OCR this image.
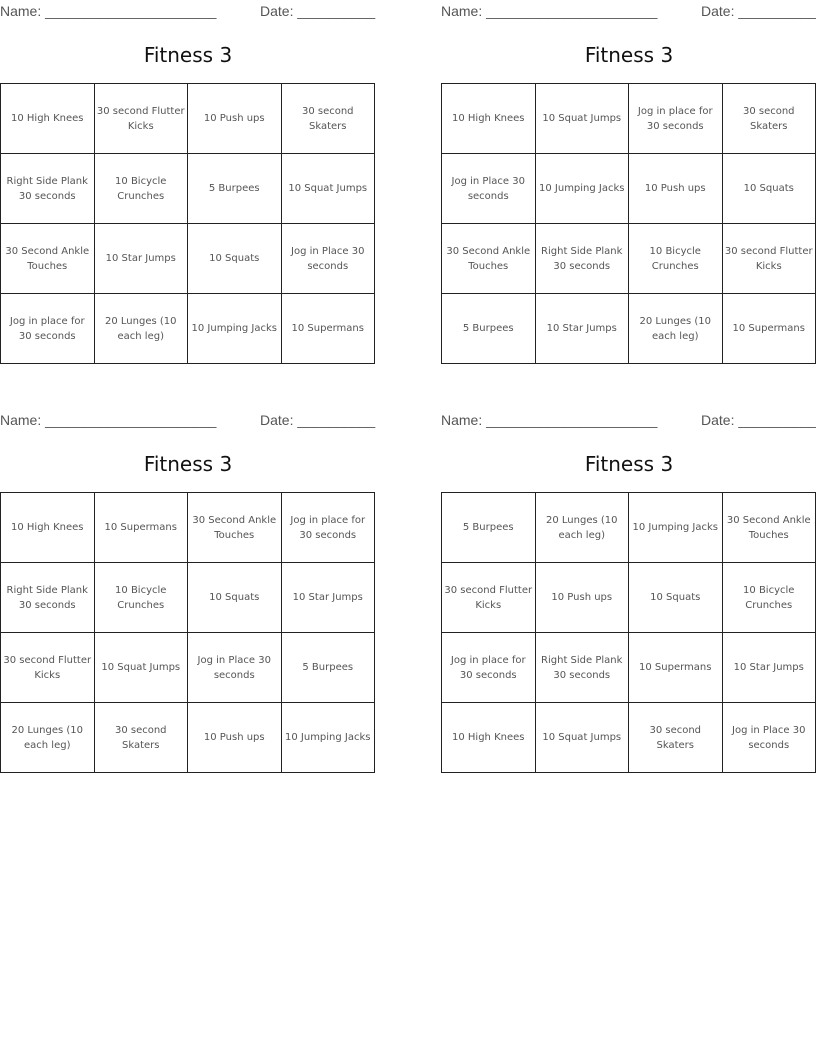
Name: ______________________	Date: __________
Fitness 3
10 High Knees	30 second Flutter Kicks	10 Push ups	30 second Skaters
Right Side Plank 30 seconds	10 Bicycle Crunches	5 Burpees	10 Squat Jumps
30 Second Ankle Touches	10 Star Jumps	10 Squats	Jog in Place 30 seconds
Jog in place for 30 seconds	20 Lunges (10 each leg)	10 Jumping Jacks	10 Supermans
Name: ______________________	Date: __________
Fitness 3
10 High Knees	10 Squat Jumps	Jog in place for 30 seconds	30 second Skaters
Jog in Place 30 seconds	10 Jumping Jacks	10 Push ups	10 Squats
30 Second Ankle Touches	Right Side Plank 30 seconds	10 Bicycle Crunches	30 second Flutter Kicks
5 Burpees	10 Star Jumps	20 Lunges (10 each leg)	10 Supermans
Name: ______________________	Date: __________
Fitness 3
10 High Knees	10 Supermans	30 Second Ankle Touches	Jog in place for 30 seconds
Right Side Plank 30 seconds	10 Bicycle Crunches	10 Squats	10 Star Jumps
30 second Flutter Kicks	10 Squat Jumps	Jog in Place 30 seconds	5 Burpees
20 Lunges (10 each leg)	30 second Skaters	10 Push ups	10 Jumping Jacks
Name: ______________________	Date: __________
Fitness 3
5 Burpees	20 Lunges (10 each leg)	10 Jumping Jacks	30 Second Ankle Touches
30 second Flutter Kicks	10 Push ups	10 Squats	10 Bicycle Crunches
Jog in place for 30 seconds	Right Side Plank 30 seconds	10 Supermans	10 Star Jumps
10 High Knees	10 Squat Jumps	30 second Skaters	Jog in Place 30 seconds
